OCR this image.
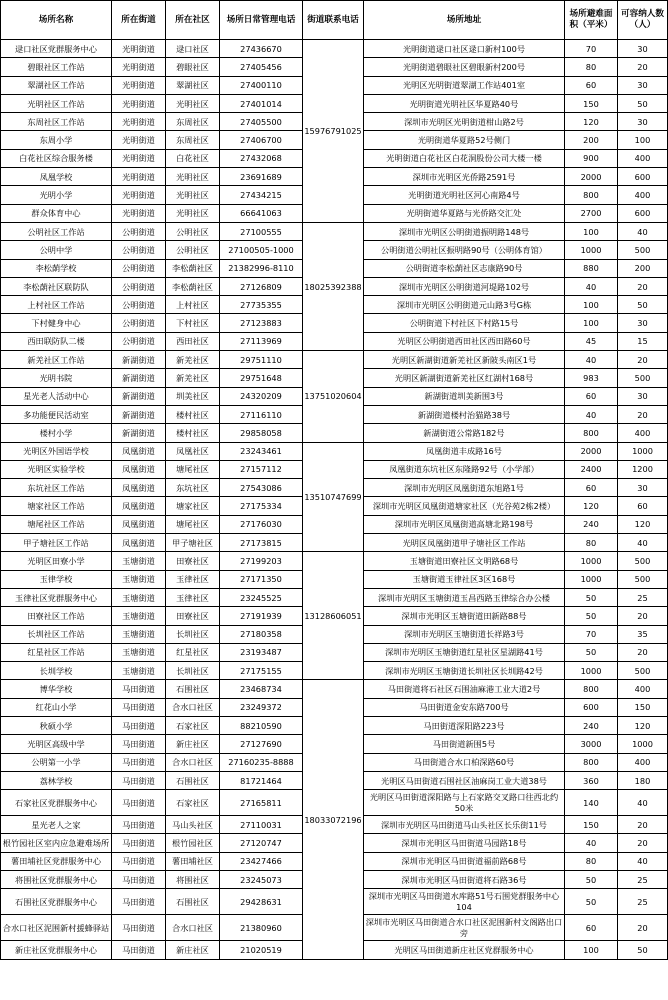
场所名称	所在街道	所在社区	场所日常管理电话	街道联系电话	场所地址	场所避难面积（平米）	可容纳人数（人）
逯口社区党群服务中心	光明街道	逯口社区	27436670	15976791025	光明街道逯口社区逯口新村100号	70	30
碧眼社区工作站	光明街道	碧眼社区	27405456		光明街道碧眼社区碧眼新村200号	80	20
翠湖社区工作站	光明街道	翠湖社区	27400110		光明区光明街道翠湖工作站401室	60	30
光明社区工作站	光明街道	光明社区	27401014		光明街道光明社区华夏路40号	150	50
东周社区工作站	光明街道	东周社区	27405500		深圳市光明区光明街道柑山路2号	120	30
东周小学	光明街道	东周社区	27406700		光明街道华夏路52号侧门	200	100
白花社区综合服务楼	光明街道	白花社区	27432068		光明街道白花社区白花洞股份公司大楼一楼	900	400
凤凰学校	光明街道	光明社区	23691689		深圳市光明区光侨路2591号	2000	600
光明小学	光明街道	光明社区	27434215		光明街道光明社区河心南路4号	800	400
群众体育中心	光明街道	光明社区	66641063		光明街道华夏路与光侨路交汇处	2700	600
公明社区工作站	公明街道	公明社区	27100555	18025392388	深圳市光明区公明街道振明路148号	100	40
公明中学	公明街道	公明社区	27100505-1000		公明街道公明社区振明路90号（公明体育馆）	1000	500
李松蓢学校	公明街道	李松蓢社区	21382996-8110		公明街道李松蓢社区志康路90号	880	200
李松蓢社区联防队	公明街道	李松蓢社区	27126809		深圳市光明区公明街道河堤路102号	40	20
上村社区工作站	公明街道	上村社区	27735355		深圳市光明区公明街道元山路3号G栋	100	50
下村健身中心	公明街道	下村社区	27123883		公明街道下村社区下村路15号	100	30
西田联防队二楼	公明街道	西田社区	27113969		光明区公明街道西田社区西田路60号	45	15
新羌社区工作站	新湖街道	新羌社区	29751110	13751020604	光明区新湖街道新羌社区新陂头南区1号	40	20
光明书院	新湖街道	新羌社区	29751648		光明区新湖街道新羌社区红湖村168号	983	500
星光老人活动中心	新湖街道	圳美社区	24320209		新湖街道圳美新围3号	60	30
多功能便民活动室	新湖街道	楼村社区	27116110		新湖街道楼村治猫路38号	40	20
楼村小学	新湖街道	楼村社区	29858058		新湖街道公常路182号	800	400
光明区外国语学校	凤凰街道	凤凰社区	23243461	13510747699	凤凰街道丰成路16号	2000	1000
光明区实验学校	凤凰街道	塘尾社区	27157112		凤凰街道东坑社区东隆路92号（小学部）	2400	1200
东坑社区工作站	凤凰街道	东坑社区	27543086		深圳市光明区凤凰街道东旭路1号	60	30
塘家社区工作站	凤凰街道	塘家社区	27175334		深圳市光明区凤凰街道塘家社区（光谷苑2栋2楼）	120	60
塘尾社区工作站	凤凰街道	塘尾社区	27176030		深圳市光明区凤凰街道高塘北路198号	240	120
甲子塘社区工作站	凤凰街道	甲子塘社区	27173815		光明区凤凰街道甲子塘社区工作站	80	40
光明区田寮小学	玉塘街道	田寮社区	27199203	13128606051	玉塘街道田寮社区文明路68号	1000	500
玉律学校	玉塘街道	玉律社区	27171350		玉塘街道玉律社区3区168号	1000	500
玉律社区党群服务中心	玉塘街道	玉律社区	23245525		深圳市光明区玉塘街道玉昌西路玉律综合办公楼	50	25
田寮社区工作站	玉塘街道	田寮社区	27191939		深圳市光明区玉塘街道田新路88号	50	20
长圳社区工作站	玉塘街道	长圳社区	27180358		深圳市光明区玉塘街道长祥路3号	70	35
红星社区工作站	玉塘街道	红星社区	23193487		深圳市光明区玉塘街道红星社区星湖路41号	50	20
长圳学校	玉塘街道	长圳社区	27175155		深圳市光明区玉塘街道长圳社区长圳路42号	1000	500
博华学校	马田街道	石围社区	23468734	18033072196	马田街道将石社区石围油麻港工业大道2号	800	400
红花山小学	马田街道	合水口社区	23249372		马田街道金安东路700号	600	150
秋硕小学	马田街道	石家社区	88210590		马田街道深阳路223号	240	120
光明区高级中学	马田街道	新庄社区	27127690		马田街道新围5号	3000	1000
公明第一小学	马田街道	合水口社区	27160235-8888		马田街道合水口柏深路60号	800	400
荔林学校	马田街道	石围社区	81721464		光明区马田街道石围社区油麻岗工业大道38号	360	180
石家社区党群服务中心	马田街道	石家社区	27165811		光明区马田街道深阳路与上石家路交叉路口往西北约50米	140	40
星光老人之家	马田街道	马山头社区	27110031		深圳市光明区马田街道马山头社区长乐街11号	150	20
根竹园社区室内应急避难场所	马田街道	根竹园社区	27120747		深圳市光明区马田街道马园路18号	40	20
薯田埔社区党群服务中心	马田街道	薯田埔社区	23427466		深圳市光明区马田街道福前路68号	80	40
将围社区党群服务中心	马田街道	将围社区	23245073		深圳市光明区马田街道将石路36号	50	25
石围社区党群服务中心	马田街道	石围社区	29428631		深圳市光明区马田街道水库路51号石围党群服务中心104	50	25
合水口社区泥围新村援蜂驿站	马田街道	合水口社区	21380960		深圳市光明区马田街道合水口社区泥围新村文阁路出口旁	60	20
新庄社区党群服务中心	马田街道	新庄社区	21020519		光明区马田街道新庄社区党群服务中心	100	50
